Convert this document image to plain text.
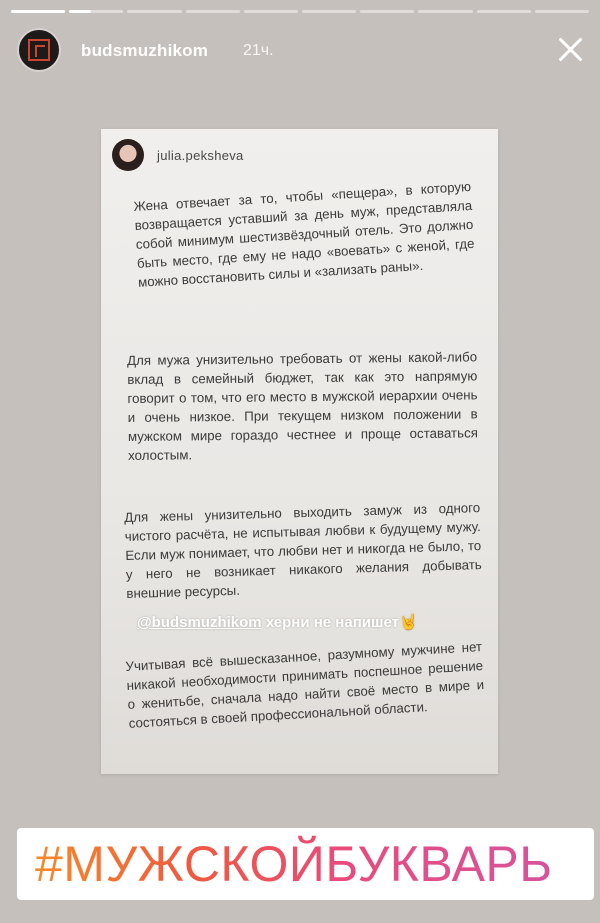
budsmuzhikom 21ч.
julia.peksheva

Жена отвечает за то, чтобы «пещера», в которую возвращается уставший за день муж, представляла собой минимум шестизвёздочный отель. Это должно быть место, где ему не надо «воевать» с женой, где можно восстановить силы и «зализать раны».

Для мужа унизительно требовать от жены какой-либо вклад в семейный бюджет, так как это напрямую говорит о том, что его место в мужской иерархии очень и очень низкое. При текущем низком положении в мужском мире гораздо честнее и проще оставаться холостым.

Для жены унизительно выходить замуж из одного чистого расчёта, не испытывая любви к будущему мужу. Если муж понимает, что любви нет и никогда не было, то у него не возникает никакого желания добывать внешние ресурсы.

@budsmuzhikom херни не напишет🤘

Учитывая всё вышесказанное, разумному мужчине нет никакой необходимости принимать поспешное решение о женитьбе, сначала надо найти своё место в мире и состояться в своей профессиональной области.

#МУЖСКОЙБУКВАРЬ
